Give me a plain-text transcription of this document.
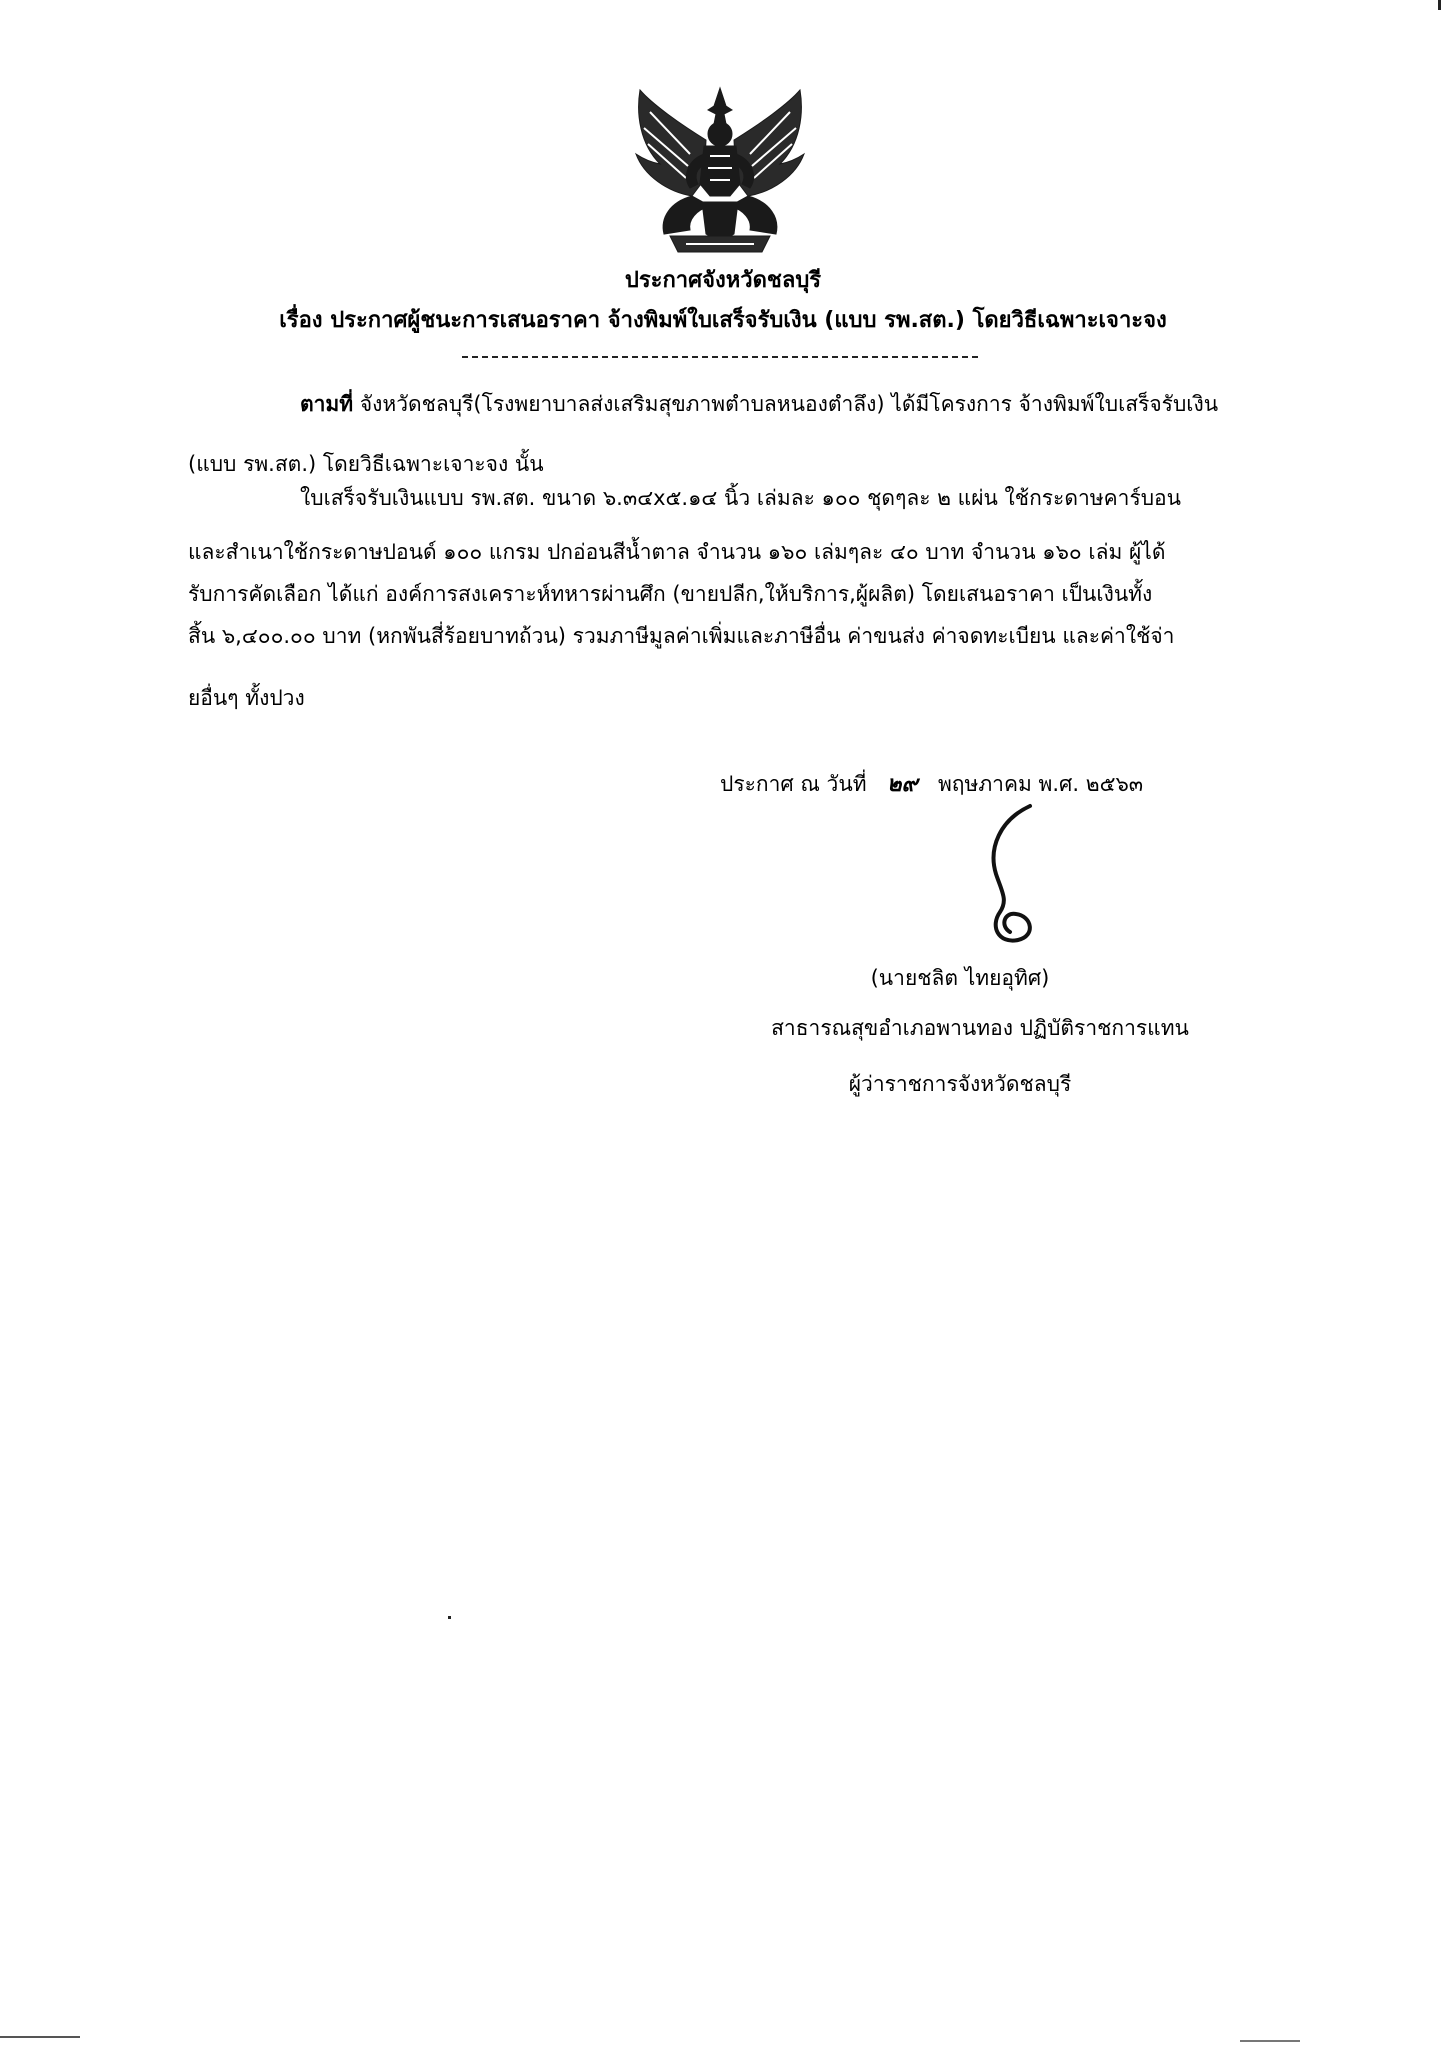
ประกาศจังหวัดชลบุรี
เรื่อง ประกาศผู้ชนะการเสนอราคา จ้างพิมพ์ใบเสร็จรับเงิน (แบบ รพ.สต.) โดยวิธีเฉพาะเจาะจง
ตามที่ จังหวัดชลบุรี(โรงพยาบาลส่งเสริมสุขภาพตำบลหนองตำลึง) ได้มีโครงการ จ้างพิมพ์ใบเสร็จรับเงิน
(แบบ รพ.สต.) โดยวิธีเฉพาะเจาะจง นั้น
ใบเสร็จรับเงินแบบ รพ.สต. ขนาด ๖.๓๔x๕.๑๔ นิ้ว เล่มละ ๑๐๐ ชุดๆละ ๒ แผ่น ใช้กระดาษคาร์บอน
และสำเนาใช้กระดาษปอนด์ ๑๐๐ แกรม ปกอ่อนสีน้ำตาล จำนวน ๑๖๐ เล่มๆละ ๔๐ บาท จำนวน ๑๖๐ เล่ม ผู้ได้
รับการคัดเลือก ได้แก่ องค์การสงเคราะห์ทหารผ่านศึก (ขายปลีก,ให้บริการ,ผู้ผลิต) โดยเสนอราคา เป็นเงินทั้ง
สิ้น ๖,๔๐๐.๐๐ บาท (หกพันสี่ร้อยบาทถ้วน) รวมภาษีมูลค่าเพิ่มและภาษีอื่น ค่าขนส่ง ค่าจดทะเบียน และค่าใช้จ่า
ยอื่นๆ ทั้งปวง
ประกาศ ณ วันที่ ๒๙ พฤษภาคม พ.ศ. ๒๕๖๓
(นายชลิต ไทยอุทิศ)
สาธารณสุขอำเภอพานทอง ปฏิบัติราชการแทน
ผู้ว่าราชการจังหวัดชลบุรี
